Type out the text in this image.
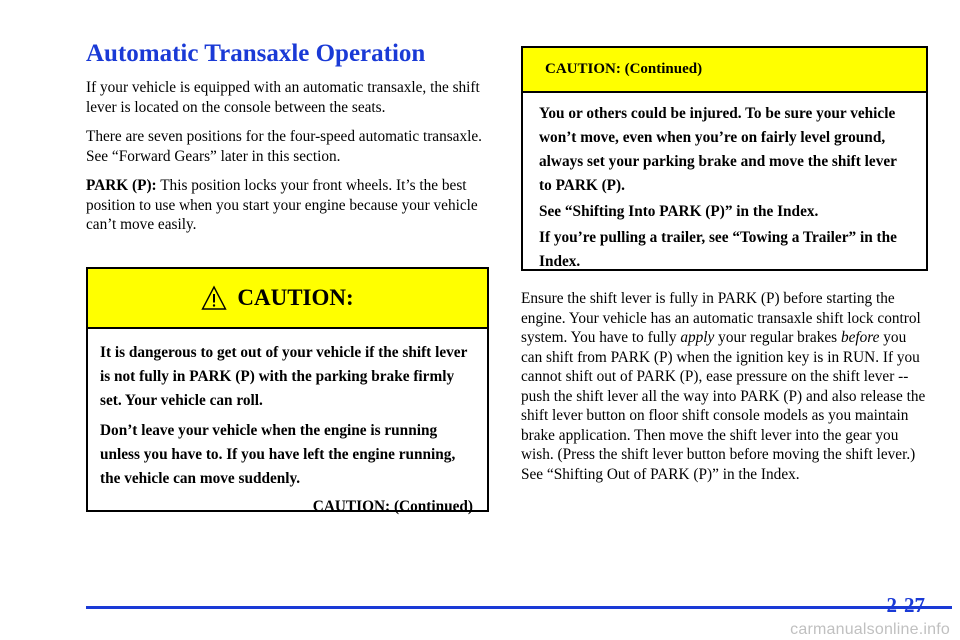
Automatic Transaxle Operation

If your vehicle is equipped with an automatic transaxle, the shift lever is located on the console between the seats.

There are seven positions for the four-speed automatic transaxle. See “Forward Gears” later in this section.

PARK (P): This position locks your front wheels. It’s the best position to use when you start your engine because your vehicle can’t move easily.

CAUTION:

It is dangerous to get out of your vehicle if the shift lever is not fully in PARK (P) with the parking brake firmly set. Your vehicle can roll.

Don’t leave your vehicle when the engine is running unless you have to. If you have left the engine running, the vehicle can move suddenly.

CAUTION: (Continued)

CAUTION: (Continued)

You or others could be injured. To be sure your vehicle won’t move, even when you’re on fairly level ground, always set your parking brake and move the shift lever to PARK (P).

See “Shifting Into PARK (P)” in the Index.

If you’re pulling a trailer, see “Towing a Trailer” in the Index.

Ensure the shift lever is fully in PARK (P) before starting the engine. Your vehicle has an automatic transaxle shift lock control system. You have to fully apply your regular brakes before you can shift from PARK (P) when the ignition key is in RUN. If you cannot shift out of PARK (P), ease pressure on the shift lever -- push the shift lever all the way into PARK (P) and also release the shift lever button on floor shift console models as you maintain brake application. Then move the shift lever into the gear you wish. (Press the shift lever button before moving the shift lever.) See “Shifting Out of PARK (P)” in the Index.

2-27
carmanualsonline.info
